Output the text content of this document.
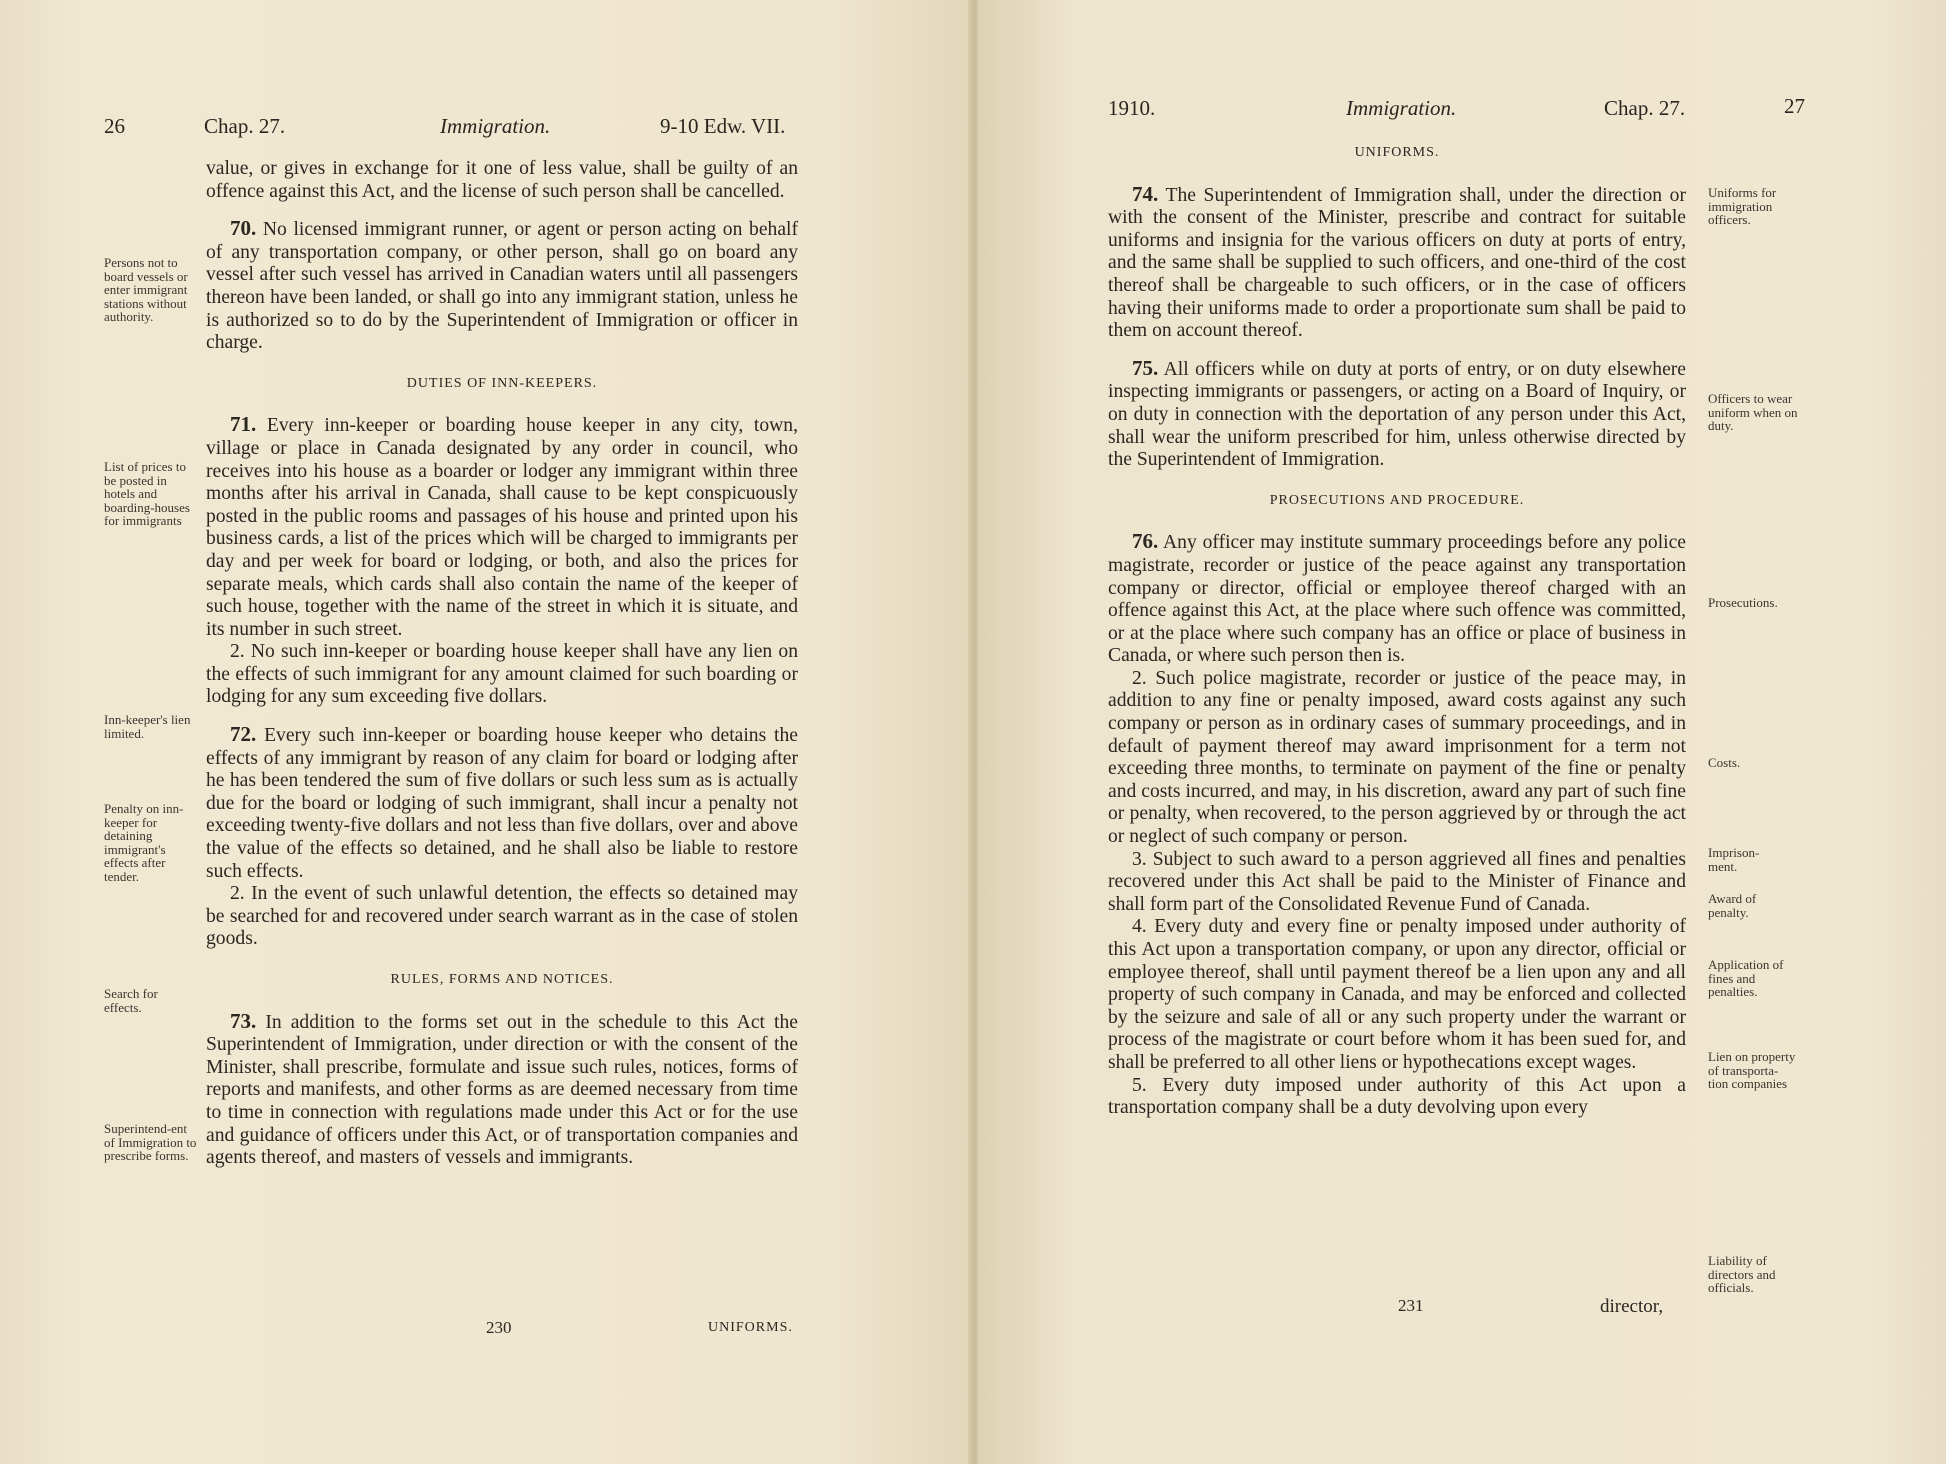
26	Chap. 27.	Immigration.	9-10 Edw. VII.

value, or gives in exchange for it one of less value, shall be guilty of an offence against this Act, and the license of such person shall be cancelled.

70. No licensed immigrant runner, or agent or person acting on behalf of any transportation company, or other person, shall go on board any vessel after such vessel has arrived in Canadian waters until all passengers thereon have been landed, or shall go into any immigrant station, unless he is authorized so to do by the Superintendent of Immigration or officer in charge.

DUTIES OF INN-KEEPERS.

71. Every inn-keeper or boarding house keeper in any city, town, village or place in Canada designated by any order in council, who receives into his house as a boarder or lodger any immigrant within three months after his arrival in Canada, shall cause to be kept conspicuously posted in the public rooms and passages of his house and printed upon his business cards, a list of the prices which will be charged to immigrants per day and per week for board or lodging, or both, and also the prices for separate meals, which cards shall also contain the name of the keeper of such house, together with the name of the street in which it is situate, and its number in such street.

2. No such inn-keeper or boarding house keeper shall have any lien on the effects of such immigrant for any amount claimed for such boarding or lodging for any sum exceeding five dollars.

72. Every such inn-keeper or boarding house keeper who detains the effects of any immigrant by reason of any claim for board or lodging after he has been tendered the sum of five dollars or such less sum as is actually due for the board or lodging of such immigrant, shall incur a penalty not exceeding twenty-five dollars and not less than five dollars, over and above the value of the effects so detained, and he shall also be liable to restore such effects.

2. In the event of such unlawful detention, the effects so detained may be searched for and recovered under search warrant as in the case of stolen goods.

RULES, FORMS AND NOTICES.

73. In addition to the forms set out in the schedule to this Act the Superintendent of Immigration, under direction or with the consent of the Minister, shall prescribe, formulate and issue such rules, notices, forms of reports and manifests, and other forms as are deemed necessary from time to time in connection with regulations made under this Act or for the use and guidance of officers under this Act, or of transportation companies and agents thereof, and masters of vessels and immigrants.

Persons not to board vessels or enter immigrant stations without authority.
List of prices to be posted in hotels and boarding-houses for immigrants
Inn-keeper's lien limited.
Penalty on inn-keeper for detaining immigrant's effects after tender.
Search for effects.
Superintend-ent of Immigration to prescribe forms.
230	UNIFORMS.
1910.	Immigration.	Chap. 27.	27
UNIFORMS.

74. The Superintendent of Immigration shall, under the direction or with the consent of the Minister, prescribe and contract for suitable uniforms and insignia for the various officers on duty at ports of entry, and the same shall be supplied to such officers, and one-third of the cost thereof shall be chargeable to such officers, or in the case of officers having their uniforms made to order a proportionate sum shall be paid to them on account thereof.

75. All officers while on duty at ports of entry, or on duty elsewhere inspecting immigrants or passengers, or acting on a Board of Inquiry, or on duty in connection with the deportation of any person under this Act, shall wear the uniform prescribed for him, unless otherwise directed by the Superintendent of Immigration.

PROSECUTIONS AND PROCEDURE.

76. Any officer may institute summary proceedings before any police magistrate, recorder or justice of the peace against any transportation company or director, official or employee thereof charged with an offence against this Act, at the place where such offence was committed, or at the place where such company has an office or place of business in Canada, or where such person then is.

2. Such police magistrate, recorder or justice of the peace may, in addition to any fine or penalty imposed, award costs against any such company or person as in ordinary cases of summary proceedings, and in default of payment thereof may award imprisonment for a term not exceeding three months, to terminate on payment of the fine or penalty and costs incurred, and may, in his discretion, award any part of such fine or penalty, when recovered, to the person aggrieved by or through the act or neglect of such company or person.

3. Subject to such award to a person aggrieved all fines and penalties recovered under this Act shall be paid to the Minister of Finance and shall form part of the Consolidated Revenue Fund of Canada.

4. Every duty and every fine or penalty imposed under authority of this Act upon a transportation company, or upon any director, official or employee thereof, shall until payment thereof be a lien upon any and all property of such company in Canada, and may be enforced and collected by the seizure and sale of all or any such property under the warrant or process of the magistrate or court before whom it has been sued for, and shall be preferred to all other liens or hypothecations except wages.

5. Every duty imposed under authority of this Act upon a transportation company shall be a duty devolving upon every

Uniforms for immigration officers.
Officers to wear uniform when on duty.
Prosecutions.
Costs.
Imprison-ment.
Award of penalty.
Application of fines and penalties.
Lien on property of transporta-tion companies
Liability of directors and officials.
231	director,
